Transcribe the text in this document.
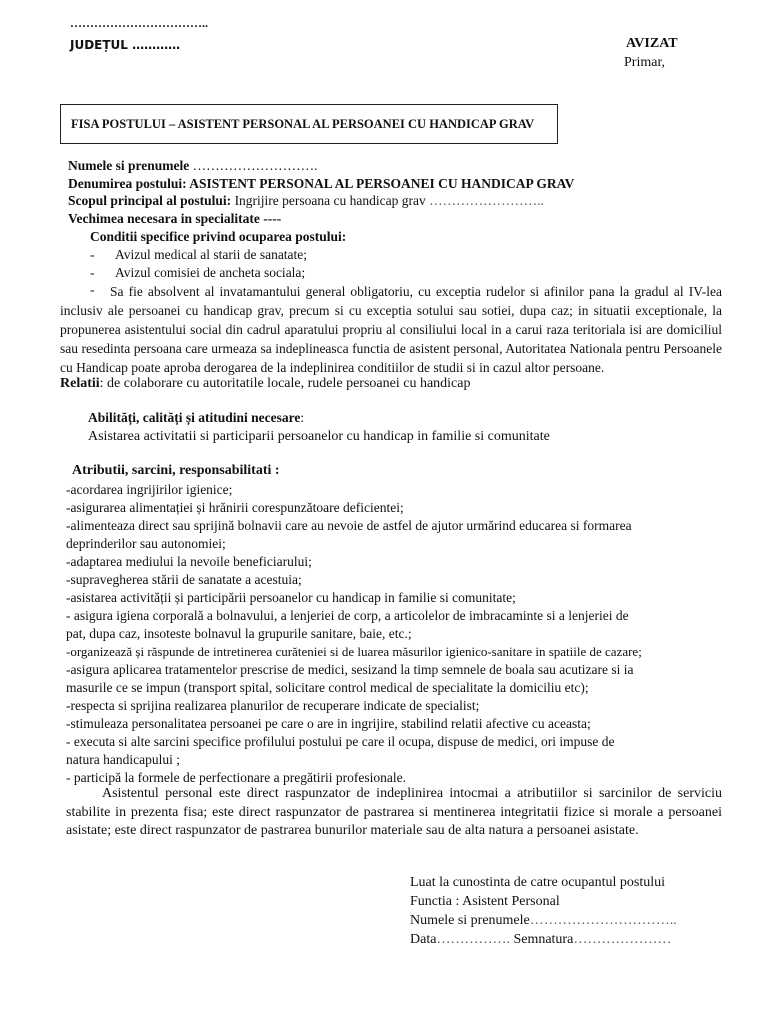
……………………………..
JUDEȚUL …………	AVIZAT
Primar,
FISA POSTULUI – ASISTENT PERSONAL AL PERSOANEI CU HANDICAP GRAV
Numele si prenumele ……………………….
Denumirea postului: ASISTENT PERSONAL AL PERSOANEI CU HANDICAP GRAV
Scopul principal al postului: Ingrijire persoana cu handicap grav ……………………..
Vechimea necesara in specialitate ----
Conditii specifice privind ocuparea postului:
- Avizul medical al starii de sanatate;
- Avizul comisiei de ancheta sociala;
-	Sa fie absolvent al invatamantului general obligatoriu, cu exceptia rudelor si afinilor pana la gradul al IV-lea inclusiv ale persoanei cu handicap grav, precum si cu exceptia sotului sau sotiei, dupa caz; in situatii exceptionale, la propunerea asistentului social din cadrul aparatului propriu al consiliului local in a carui raza teritoriala isi are domiciliul sau resedinta persoana care urmeaza sa indeplineasca functia de asistent personal, Autoritatea Nationala pentru Persoanele cu Handicap poate aproba derogarea de la indeplinirea conditiilor de studii si in cazul altor persoane.
Relatii: de colaborare cu autoritatile locale, rudele persoanei cu handicap
Abilități, calități și atitudini necesare:
Asistarea activitatii si participarii persoanelor cu handicap in familie si comunitate
Atributii, sarcini, responsabilitati :
-acordarea ingrijirilor igienice;
-asigurarea alimentației și hrănirii corespunzătoare deficientei;
-alimenteaza direct sau sprijină bolnavii care au nevoie de astfel de ajutor urmărind educarea si formarea
deprinderilor sau autonomiei;
-adaptarea mediului la nevoile beneficiarului;
-supravegherea stării de sanatate a acestuia;
-asistarea activității și participării persoanelor cu handicap in familie si comunitate;
- asigura igiena corporală a bolnavului, a lenjeriei de corp, a articolelor de imbracaminte si a lenjeriei de
pat, dupa caz, insoteste bolnavul la grupurile sanitare, baie, etc.;
-organizează și răspunde de intretinerea curăteniei si de luarea măsurilor igienico-sanitare in spatiile de cazare;
-asigura aplicarea tratamentelor prescrise de medici, sesizand la timp semnele de boala sau acutizare si ia
masurile ce se impun (transport spital, solicitare control medical de specialitate la domiciliu etc);
-respecta si sprijina realizarea planurilor de recuperare indicate de specialist;
-stimuleaza personalitatea persoanei pe care o are in ingrijire, stabilind relatii afective cu aceasta;
- executa si alte sarcini specifice profilului postului pe care il ocupa, dispuse de medici, ori impuse de
natura handicapului ;
- participă la formele de perfectionare a pregătirii profesionale.
Asistentul personal este direct raspunzator de indeplinirea intocmai a atributiilor si sarcinilor de serviciu stabilite in prezenta fisa; este direct raspunzator de pastrarea si mentinerea integritatii fizice si morale a persoanei asistate; este direct raspunzator de pastrarea bunurilor materiale sau de alta natura a persoanei asistate.
Luat la cunostinta de catre ocupantul postului
Functia : Asistent Personal
Numele si prenumele…………………………..
Data……………. Semnatura…………………
